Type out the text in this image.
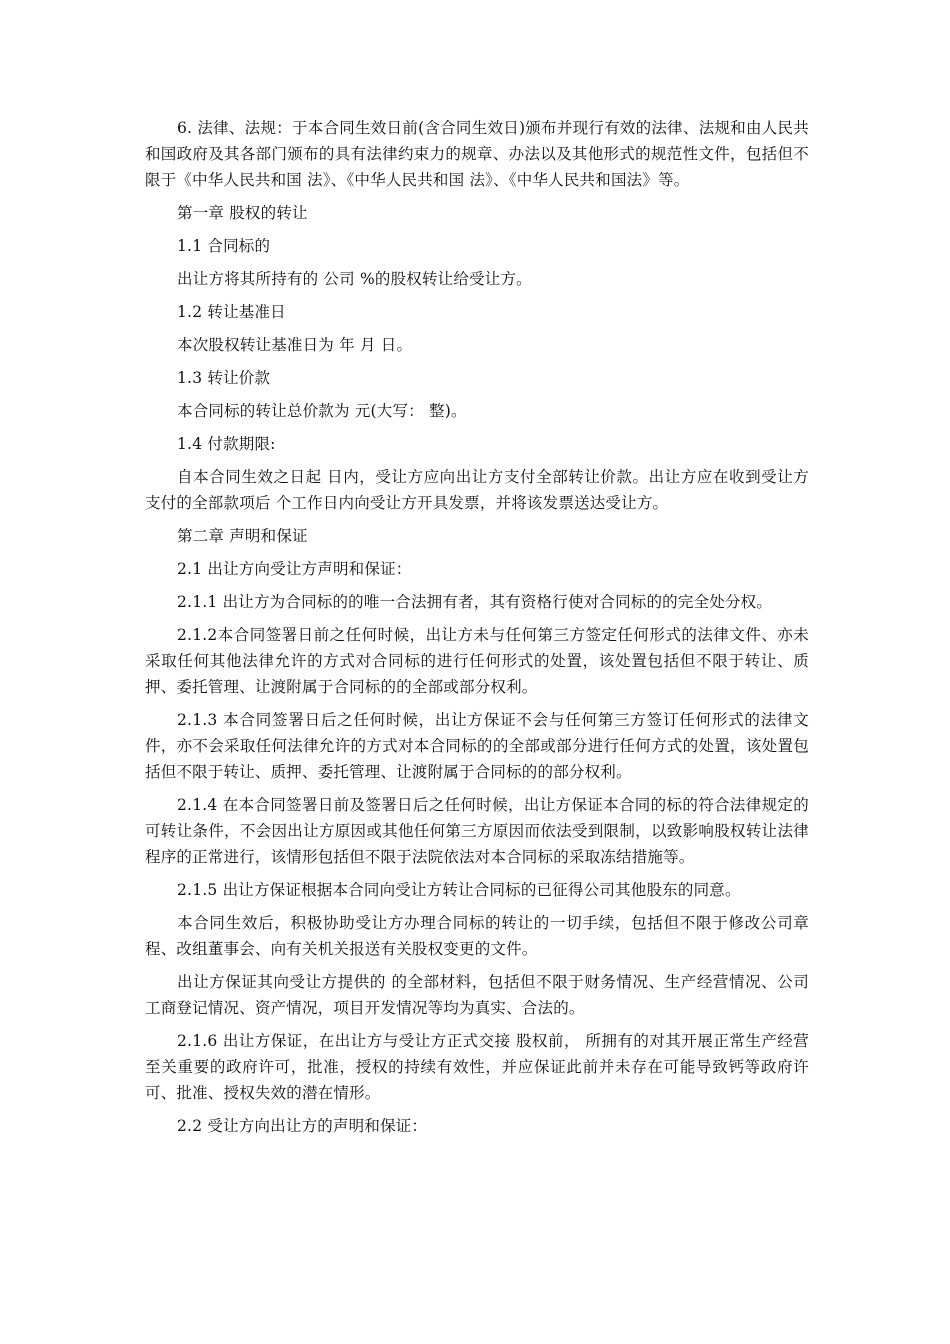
6. 法律、法规：于本合同生效日前(含合同生效日)颁布并现行有效的法律、法规和由人民共和国政府及其各部门颁布的具有法律约束力的规章、办法以及其他形式的规范性文件，包括但不限于《中华人民共和国 法》、《中华人民共和国 法》、《中华人民共和国法》等。

第一章 股权的转让

1.1 合同标的

出让方将其所持有的 公司 %的股权转让给受让方。

1.2 转让基准日

本次股权转让基准日为 年 月 日。

1.3 转让价款

本合同标的转让总价款为 元(大写： 整)。

1.4 付款期限:

自本合同生效之日起 日内，受让方应向出让方支付全部转让价款。出让方应在收到受让方支付的全部款项后 个工作日内向受让方开具发票，并将该发票送达受让方。

第二章 声明和保证

2.1 出让方向受让方声明和保证：

2.1.1 出让方为合同标的的唯一合法拥有者，其有资格行使对合同标的的完全处分权。

2.1.2本合同签署日前之任何时候，出让方未与任何第三方签定任何形式的法律文件、亦未采取任何其他法律允许的方式对合同标的进行任何形式的处置，该处置包括但不限于转让、质押、委托管理、让渡附属于合同标的的全部或部分权利。

2.1.3 本合同签署日后之任何时候，出让方保证不会与任何第三方签订任何形式的法律文件，亦不会采取任何法律允许的方式对本合同标的的全部或部分进行任何方式的处置，该处置包括但不限于转让、质押、委托管理、让渡附属于合同标的的部分权利。

2.1.4 在本合同签署日前及签署日后之任何时候，出让方保证本合同的标的符合法律规定的可转让条件，不会因出让方原因或其他任何第三方原因而依法受到限制，以致影响股权转让法律程序的正常进行，该情形包括但不限于法院依法对本合同标的采取冻结措施等。

2.1.5 出让方保证根据本合同向受让方转让合同标的已征得公司其他股东的同意。

本合同生效后，积极协助受让方办理合同标的转让的一切手续，包括但不限于修改公司章程、改组董事会、向有关机关报送有关股权变更的文件。

出让方保证其向受让方提供的 的全部材料，包括但不限于财务情况、生产经营情况、公司工商登记情况、资产情况，项目开发情况等均为真实、合法的。

2.1.6 出让方保证，在出让方与受让方正式交接 股权前， 所拥有的对其开展正常生产经营至关重要的政府许可，批准，授权的持续有效性，并应保证此前并未存在可能导致钙等政府许可、批准、授权失效的潜在情形。

2.2 受让方向出让方的声明和保证：
